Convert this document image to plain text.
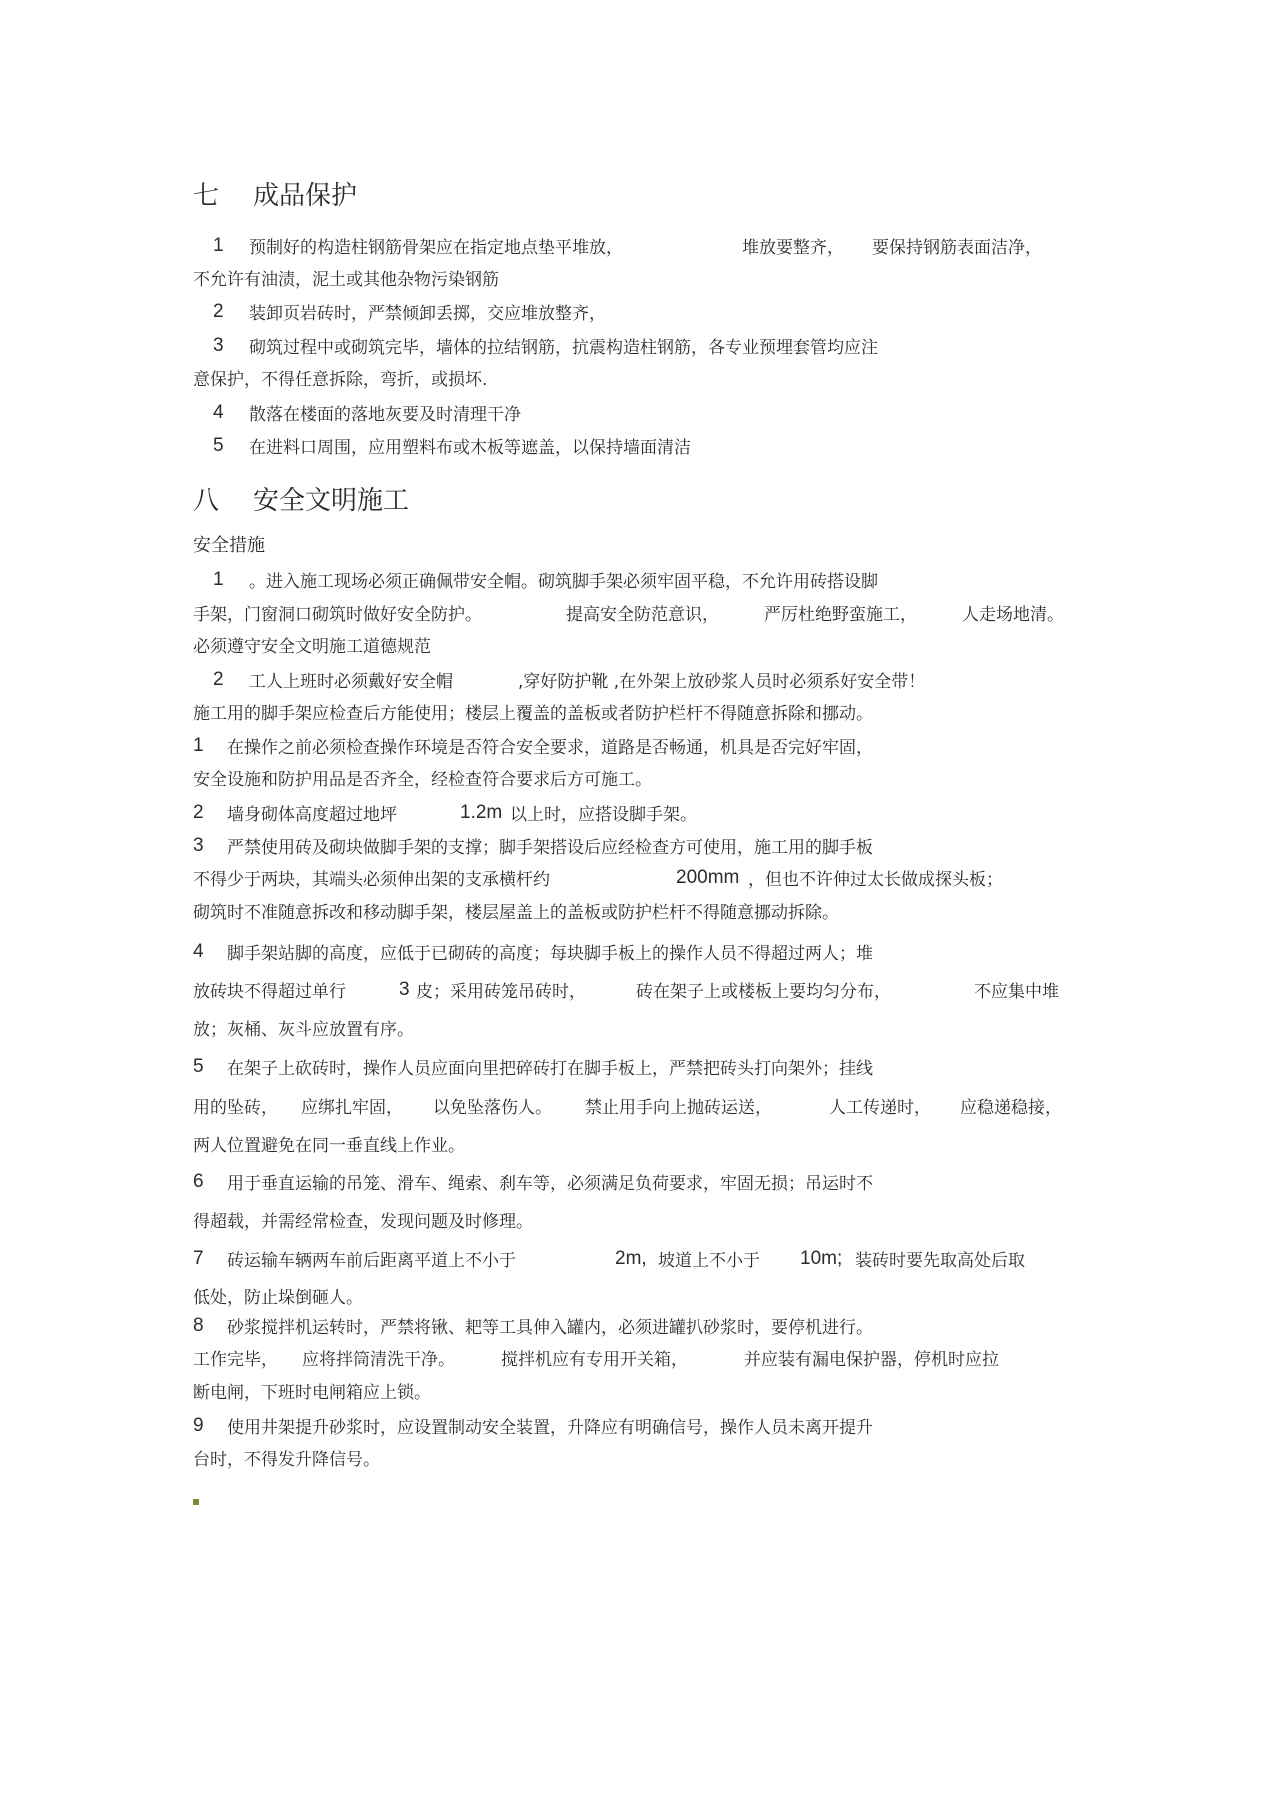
七 成品保护
1 预制好的构造柱钢筋骨架应在指定地点垫平堆放，	堆放要整齐， 要保持钢筋表面洁净，
不允许有油渍，泥土或其他杂物污染钢筋
2 装卸页岩砖时，严禁倾卸丢掷，交应堆放整齐，
3 砌筑过程中或砌筑完毕，墙体的拉结钢筋，抗震构造柱钢筋，各专业预埋套管均应注
意保护，不得任意拆除，弯折，或损坏.
4 散落在楼面的落地灰要及时清理干净
5 在进料口周围，应用塑料布或木板等遮盖，以保持墙面清洁
八 安全文明施工
安全措施
1 。进入施工现场必须正确佩带安全帽。砌筑脚手架必须牢固平稳，不允许用砖搭设脚
手架，门窗洞口砌筑时做好安全防护。	提高安全防范意识，	严厉杜绝野蛮施工，	人走场地清。
必须遵守安全文明施工道德规范
2 工人上班时必须戴好安全帽	,穿好防护靴 ,在外架上放砂浆人员时必须系好安全带！
施工用的脚手架应检查后方能使用；楼层上覆盖的盖板或者防护栏杆不得随意拆除和挪动。
1 在操作之前必须检查操作环境是否符合安全要求，道路是否畅通，机具是否完好牢固，
安全设施和防护用品是否齐全，经检查符合要求后方可施工。
2 墙身砌体高度超过地坪	1.2m 以上时，应搭设脚手架。
3 严禁使用砖及砌块做脚手架的支撑；脚手架搭设后应经检查方可使用，施工用的脚手板
不得少于两块，其端头必须伸出架的支承横杆约	200mm ，但也不许伸过太长做成探头板；
砌筑时不准随意拆改和移动脚手架，楼层屋盖上的盖板或防护栏杆不得随意挪动拆除。
4 脚手架站脚的高度，应低于已砌砖的高度；每块脚手板上的操作人员不得超过两人；堆
放砖块不得超过单行	3 皮；采用砖笼吊砖时，	砖在架子上或楼板上要均匀分布，	不应集中堆
放；灰桶、灰斗应放置有序。
5 在架子上砍砖时，操作人员应面向里把碎砖打在脚手板上，严禁把砖头打向架外；挂线
用的坠砖， 应绑扎牢固， 以免坠落伤人。 禁止用手向上抛砖运送，	人工传递时， 应稳递稳接，
两人位置避免在同一垂直线上作业。
6 用于垂直运输的吊笼、滑车、绳索、刹车等，必须满足负荷要求，牢固无损；吊运时不
得超载，并需经常检查，发现问题及时修理。
7 砖运输车辆两车前后距离平道上不小于	2m, 坡道上不小于 10m; 装砖时要先取高处后取
低处，防止垛倒砸人。
8 砂浆搅拌机运转时，严禁将锹、耙等工具伸入罐内，必须进罐扒砂浆时，要停机进行。
工作完毕， 应将拌筒清洗干净。	搅拌机应有专用开关箱，	并应装有漏电保护器，停机时应拉
断电闸，下班时电闸箱应上锁。
9 使用井架提升砂浆时，应设置制动安全装置，升降应有明确信号，操作人员未离开提升
台时，不得发升降信号。
